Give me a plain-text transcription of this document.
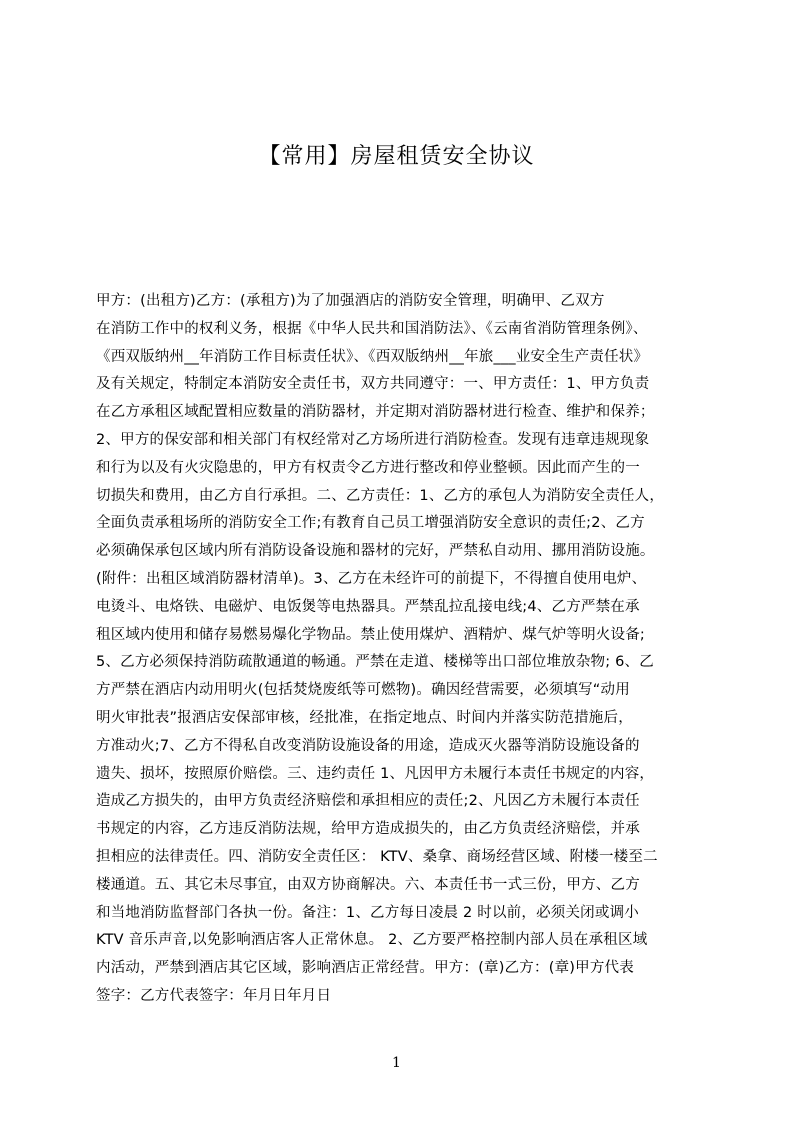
【常用】房屋租赁安全协议
甲方：(出租方)乙方：(承租方)为了加强酒店的消防安全管理，明确甲、乙双方
在消防工作中的权利义务，根据《中华人民共和国消防法》、《云南省消防管理条例》、
《西双版纳州__年消防工作目标责任状》、《西双版纳州__年旅___业安全生产责任状》
及有关规定，特制定本消防安全责任书，双方共同遵守：一、甲方责任：1、甲方负责
在乙方承租区域配置相应数量的消防器材，并定期对消防器材进行检查、维护和保养；
2、甲方的保安部和相关部门有权经常对乙方场所进行消防检查。发现有违章违规现象
和行为以及有火灾隐患的，甲方有权责令乙方进行整改和停业整顿。因此而产生的一
切损失和费用，由乙方自行承担。二、乙方责任：1、乙方的承包人为消防安全责任人，
全面负责承租场所的消防安全工作;有教育自己员工增强消防安全意识的责任;2、乙方
必须确保承包区域内所有消防设备设施和器材的完好，严禁私自动用、挪用消防设施。
(附件：出租区域消防器材清单)。3、乙方在未经许可的前提下，不得擅自使用电炉、
电烫斗、电烙铁、电磁炉、电饭煲等电热器具。严禁乱拉乱接电线;4、乙方严禁在承
租区域内使用和储存易燃易爆化学物品。禁止使用煤炉、酒精炉、煤气炉等明火设备;
5、乙方必须保持消防疏散通道的畅通。严禁在走道、楼梯等出口部位堆放杂物; 6、乙
方严禁在酒店内动用明火(包括焚烧废纸等可燃物)。确因经营需要，必须填写“动用
明火审批表”报酒店安保部审核，经批准，在指定地点、时间内并落实防范措施后，
方准动火;7、乙方不得私自改变消防设施设备的用途，造成灭火器等消防设施设备的
遗失、损坏，按照原价赔偿。三、违约责任 1、凡因甲方未履行本责任书规定的内容，
造成乙方损失的，由甲方负责经济赔偿和承担相应的责任;2、凡因乙方未履行本责任
书规定的内容，乙方违反消防法规，给甲方造成损失的，由乙方负责经济赔偿，并承
担相应的法律责任。四、消防安全责任区： KTV、桑拿、商场经营区域、附楼一楼至二
楼通道。五、其它未尽事宜，由双方协商解决。六、本责任书一式三份，甲方、乙方
和当地消防监督部门各执一份。备注：1、乙方每日凌晨 2 时以前，必须关闭或调小
KTV 音乐声音,以免影响酒店客人正常休息。 2、乙方要严格控制内部人员在承租区域
内活动，严禁到酒店其它区域，影响酒店正常经营。甲方：(章)乙方：(章)甲方代表
签字：乙方代表签字：年月日年月日
1
